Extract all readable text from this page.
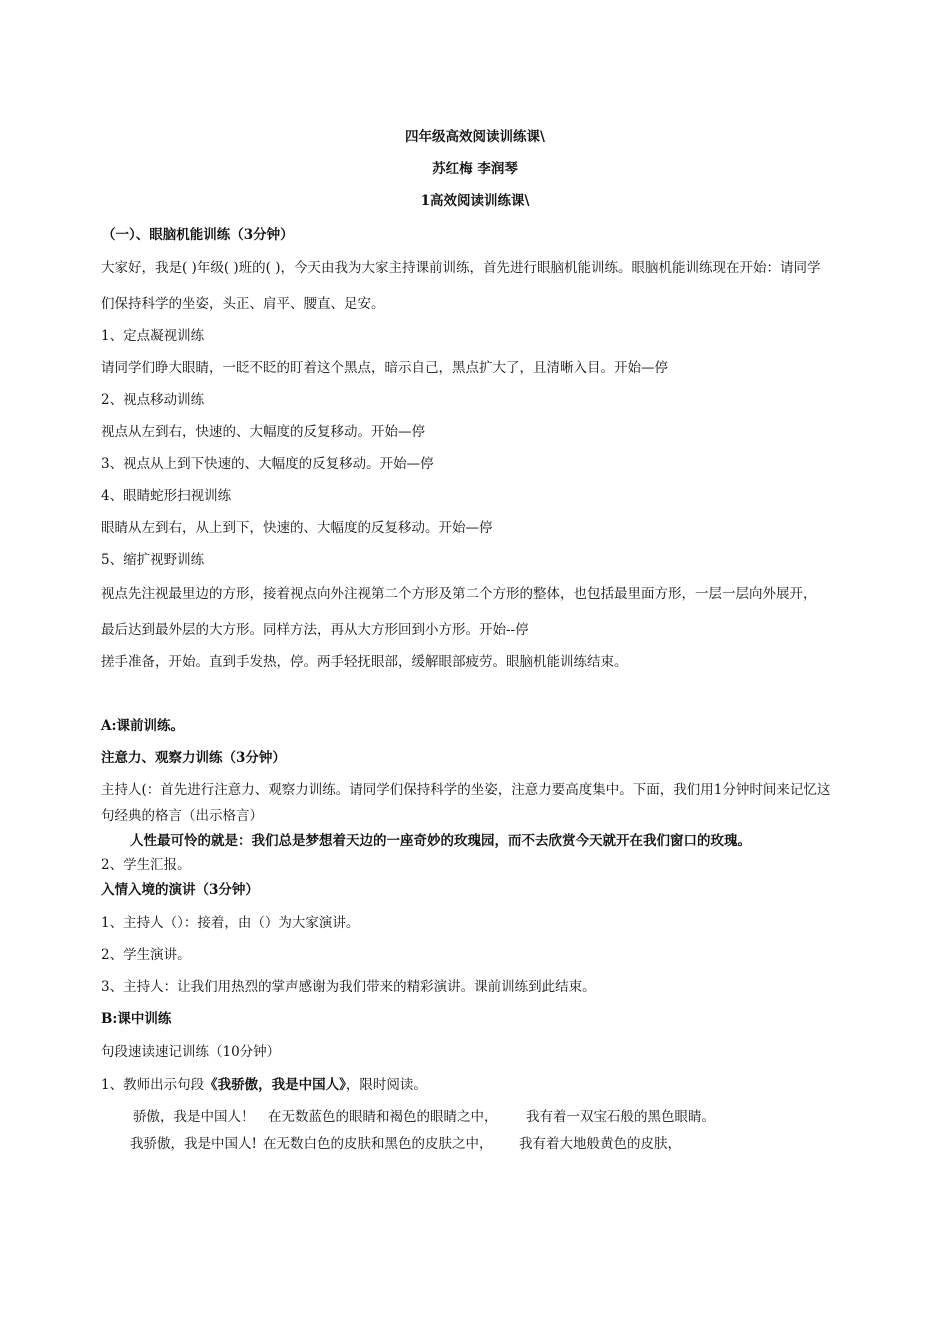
四年级高效阅读训练课\
苏红梅 李润琴
1高效阅读训练课\
（一）、眼脑机能训练（3分钟）
大家好，我是( )年级( )班的( )，今天由我为大家主持课前训练，首先进行眼脑机能训练。眼脑机能训练现在开始：请同学
们保持科学的坐姿，头正、肩平、腰直、足安。
1、定点凝视训练
请同学们睁大眼睛，一眨不眨的盯着这个黑点，暗示自己，黑点扩大了，且清晰入目。开始—停
2、视点移动训练
视点从左到右，快速的、大幅度的反复移动。开始—停
3、视点从上到下快速的、大幅度的反复移动。开始—停
4、眼睛蛇形扫视训练
眼睛从左到右，从上到下，快速的、大幅度的反复移动。开始—停
5、缩扩视野训练
视点先注视最里边的方形，接着视点向外注视第二个方形及第二个方形的整体，也包括最里面方形，一层一层向外展开，
最后达到最外层的大方形。同样方法，再从大方形回到小方形。开始--停
搓手准备，开始。直到手发热，停。两手轻抚眼部，缓解眼部疲劳。眼脑机能训练结束。
A:课前训练。
注意力、观察力训练（3分钟）
主持人(：首先进行注意力、观察力训练。请同学们保持科学的坐姿，注意力要高度集中。下面，我们用1分钟时间来记忆这
句经典的格言（出示格言）
人性最可怜的就是：我们总是梦想着天边的一座奇妙的玫瑰园，而不去欣赏今天就开在我们窗口的玫瑰。
2、学生汇报。
入情入境的演讲（3分钟）
1、主持人（）：接着，由（）为大家演讲。
2、学生演讲。
3、主持人：让我们用热烈的掌声感谢为我们带来的精彩演讲。课前训练到此结束。
B:课中训练
句段速读速记训练（10分钟）
1、教师出示句段《我骄傲，我是中国人》，限时阅读。
骄傲，我是中国人！ 在无数蓝色的眼睛和褐色的眼睛之中， 我有着一双宝石般的黑色眼睛。
我骄傲，我是中国人! 在无数白色的皮肤和黑色的皮肤之中， 我有着大地般黄色的皮肤，
